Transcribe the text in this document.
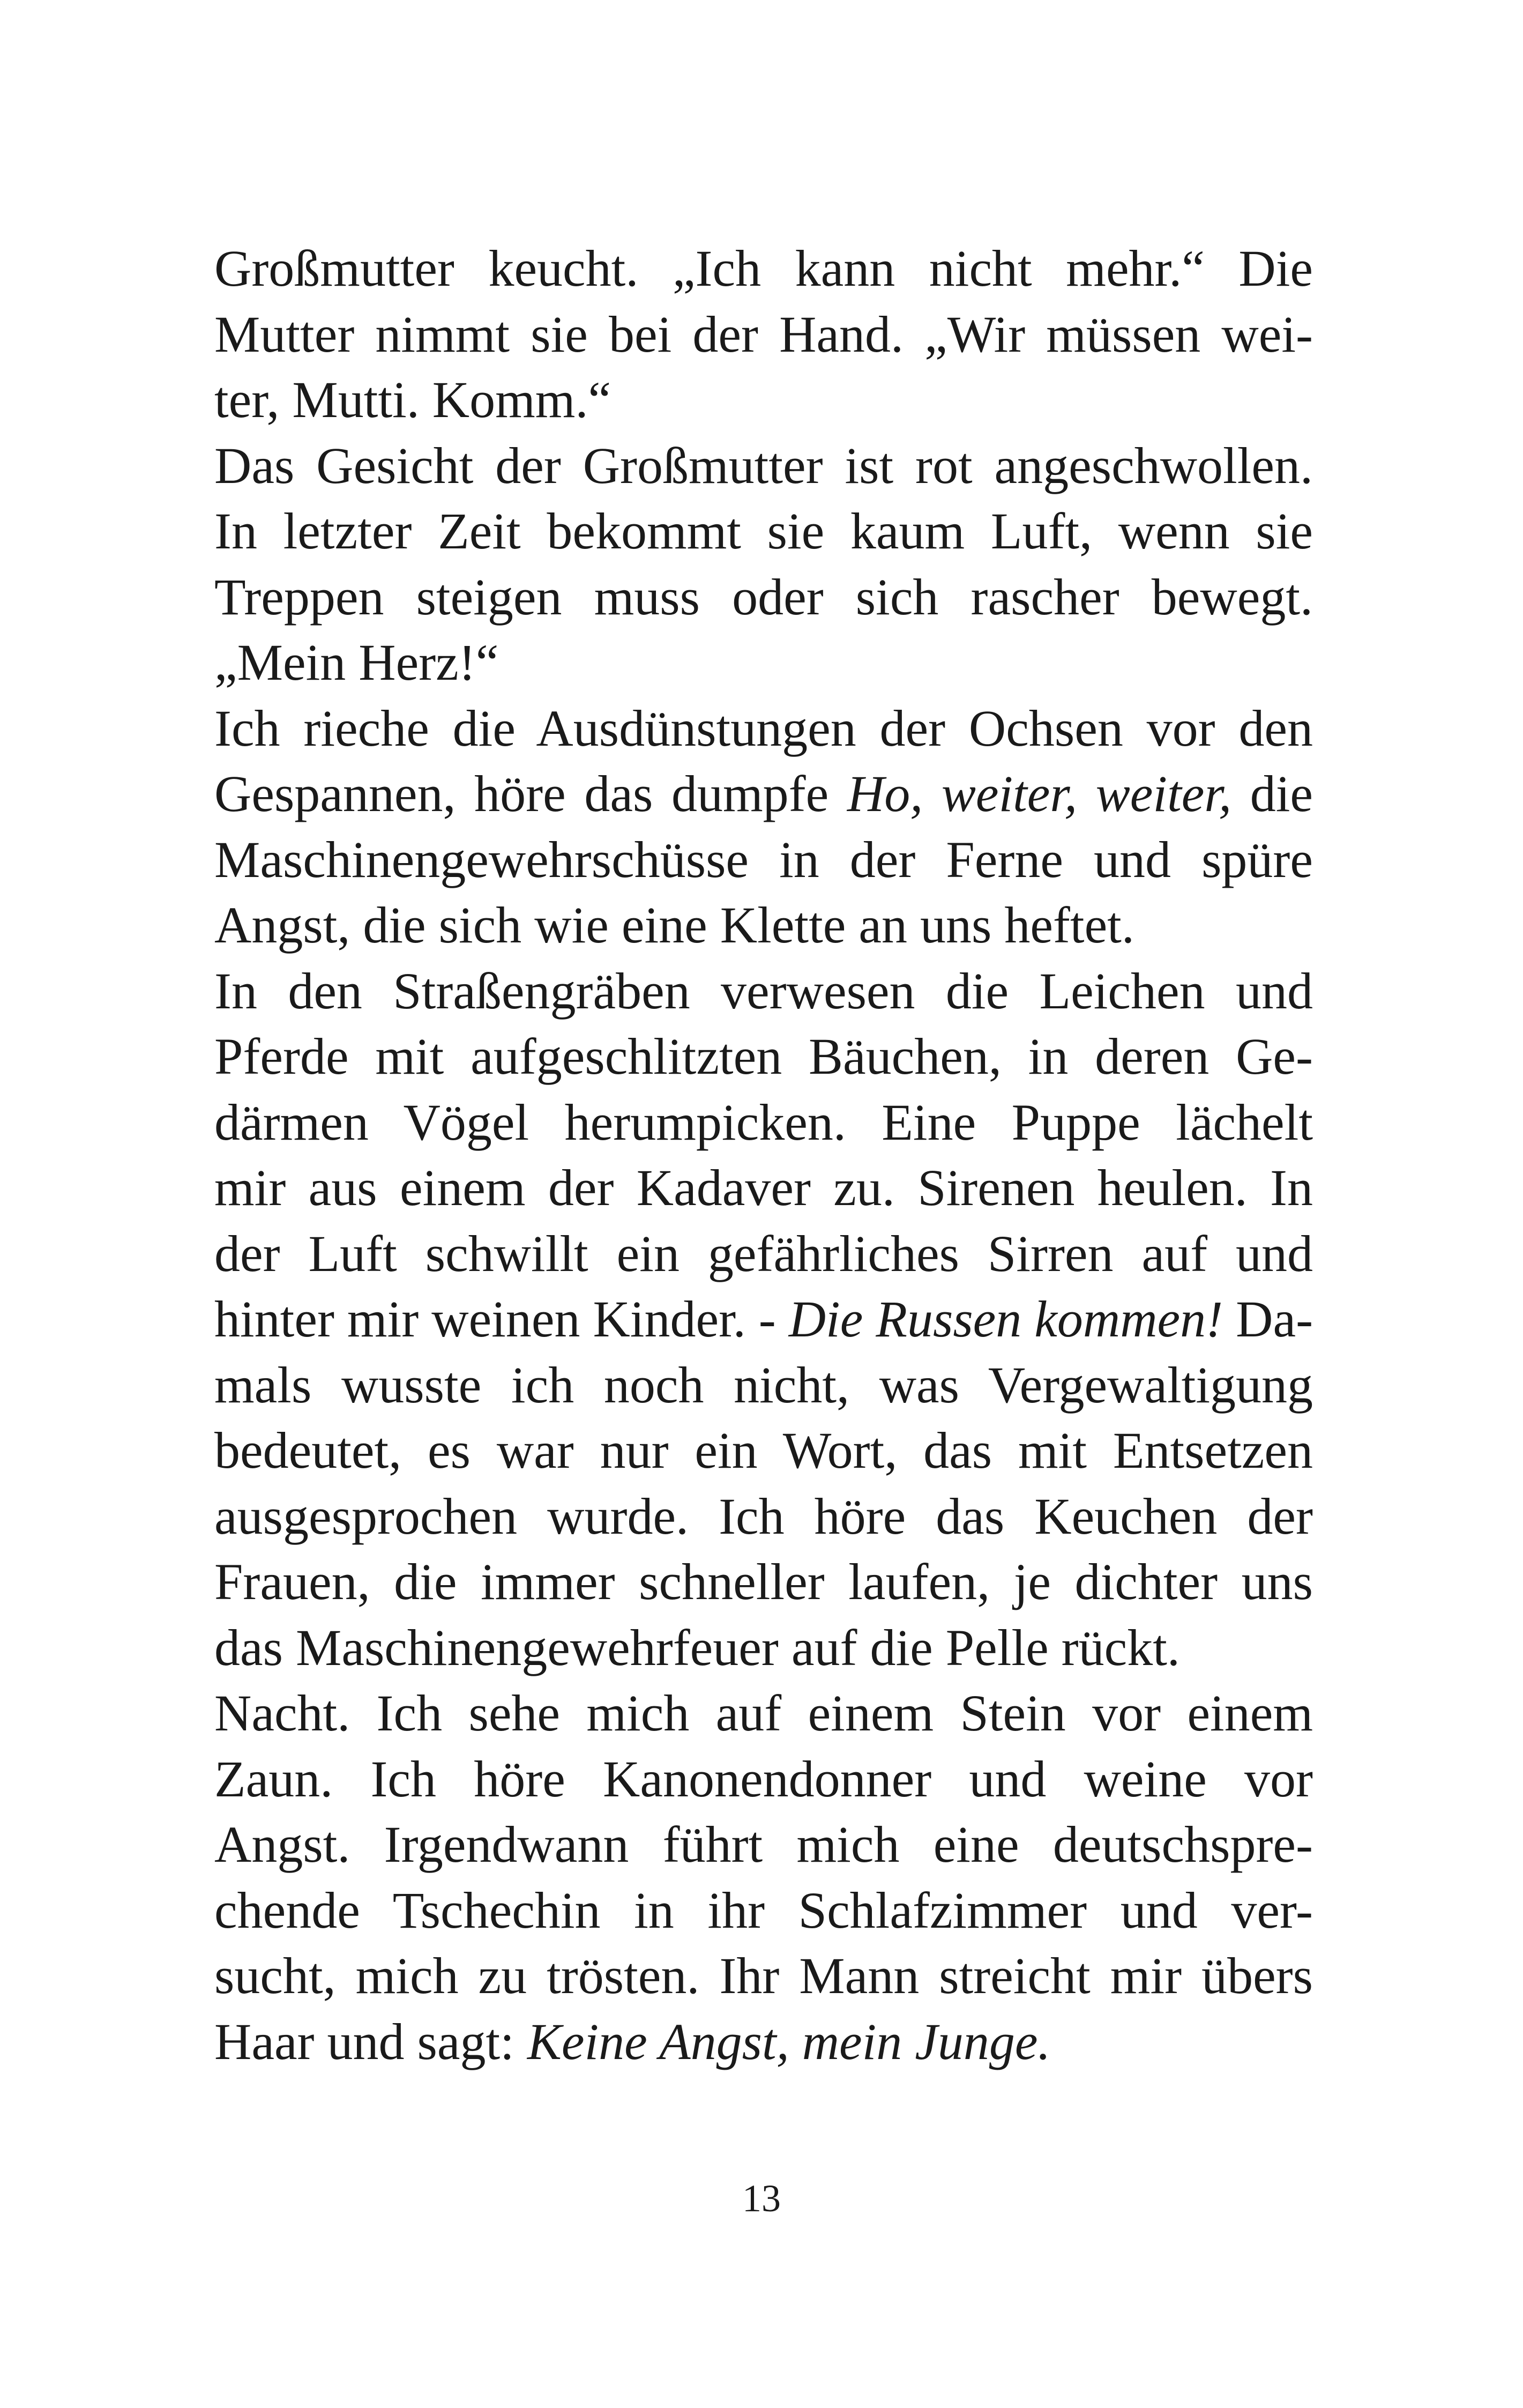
Großmutter keucht. „Ich kann nicht mehr.“ Die
Mutter nimmt sie bei der Hand. „Wir müssen wei-
ter, Mutti. Komm.“
Das Gesicht der Großmutter ist rot angeschwollen.
In letzter Zeit bekommt sie kaum Luft, wenn sie
Treppen steigen muss oder sich rascher bewegt.
„Mein Herz!“
Ich rieche die Ausdünstungen der Ochsen vor den
Gespannen, höre das dumpfe Ho, weiter, weiter, die
Maschinengewehrschüsse in der Ferne und spüre
Angst, die sich wie eine Klette an uns heftet.
In den Straßengräben verwesen die Leichen und
Pferde mit aufgeschlitzten Bäuchen, in deren Ge-
därmen Vögel herumpicken. Eine Puppe lächelt
mir aus einem der Kadaver zu. Sirenen heulen. In
der Luft schwillt ein gefährliches Sirren auf und
hinter mir weinen Kinder. - Die Russen kommen! Da-
mals wusste ich noch nicht, was Vergewaltigung
bedeutet, es war nur ein Wort, das mit Entsetzen
ausgesprochen wurde. Ich höre das Keuchen der
Frauen, die immer schneller laufen, je dichter uns
das Maschinengewehrfeuer auf die Pelle rückt.
Nacht. Ich sehe mich auf einem Stein vor einem
Zaun. Ich höre Kanonendonner und weine vor
Angst. Irgendwann führt mich eine deutschspre-
chende Tschechin in ihr Schlafzimmer und ver-
sucht, mich zu trösten. Ihr Mann streicht mir übers
Haar und sagt: Keine Angst, mein Junge.
13
